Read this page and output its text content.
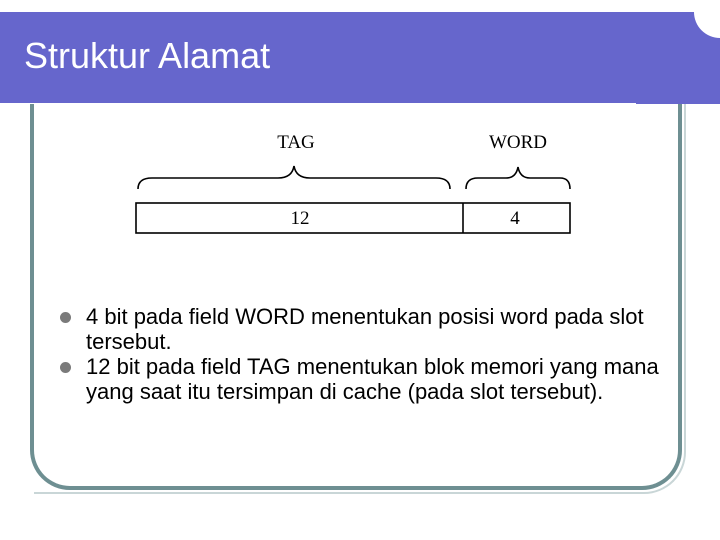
Struktur Alamat
TAG	WORD
12	4
4 bit pada field WORD menentukan posisi word pada slot tersebut.
12 bit pada field TAG menentukan blok memori yang mana yang saat itu tersimpan di cache (pada slot tersebut).
